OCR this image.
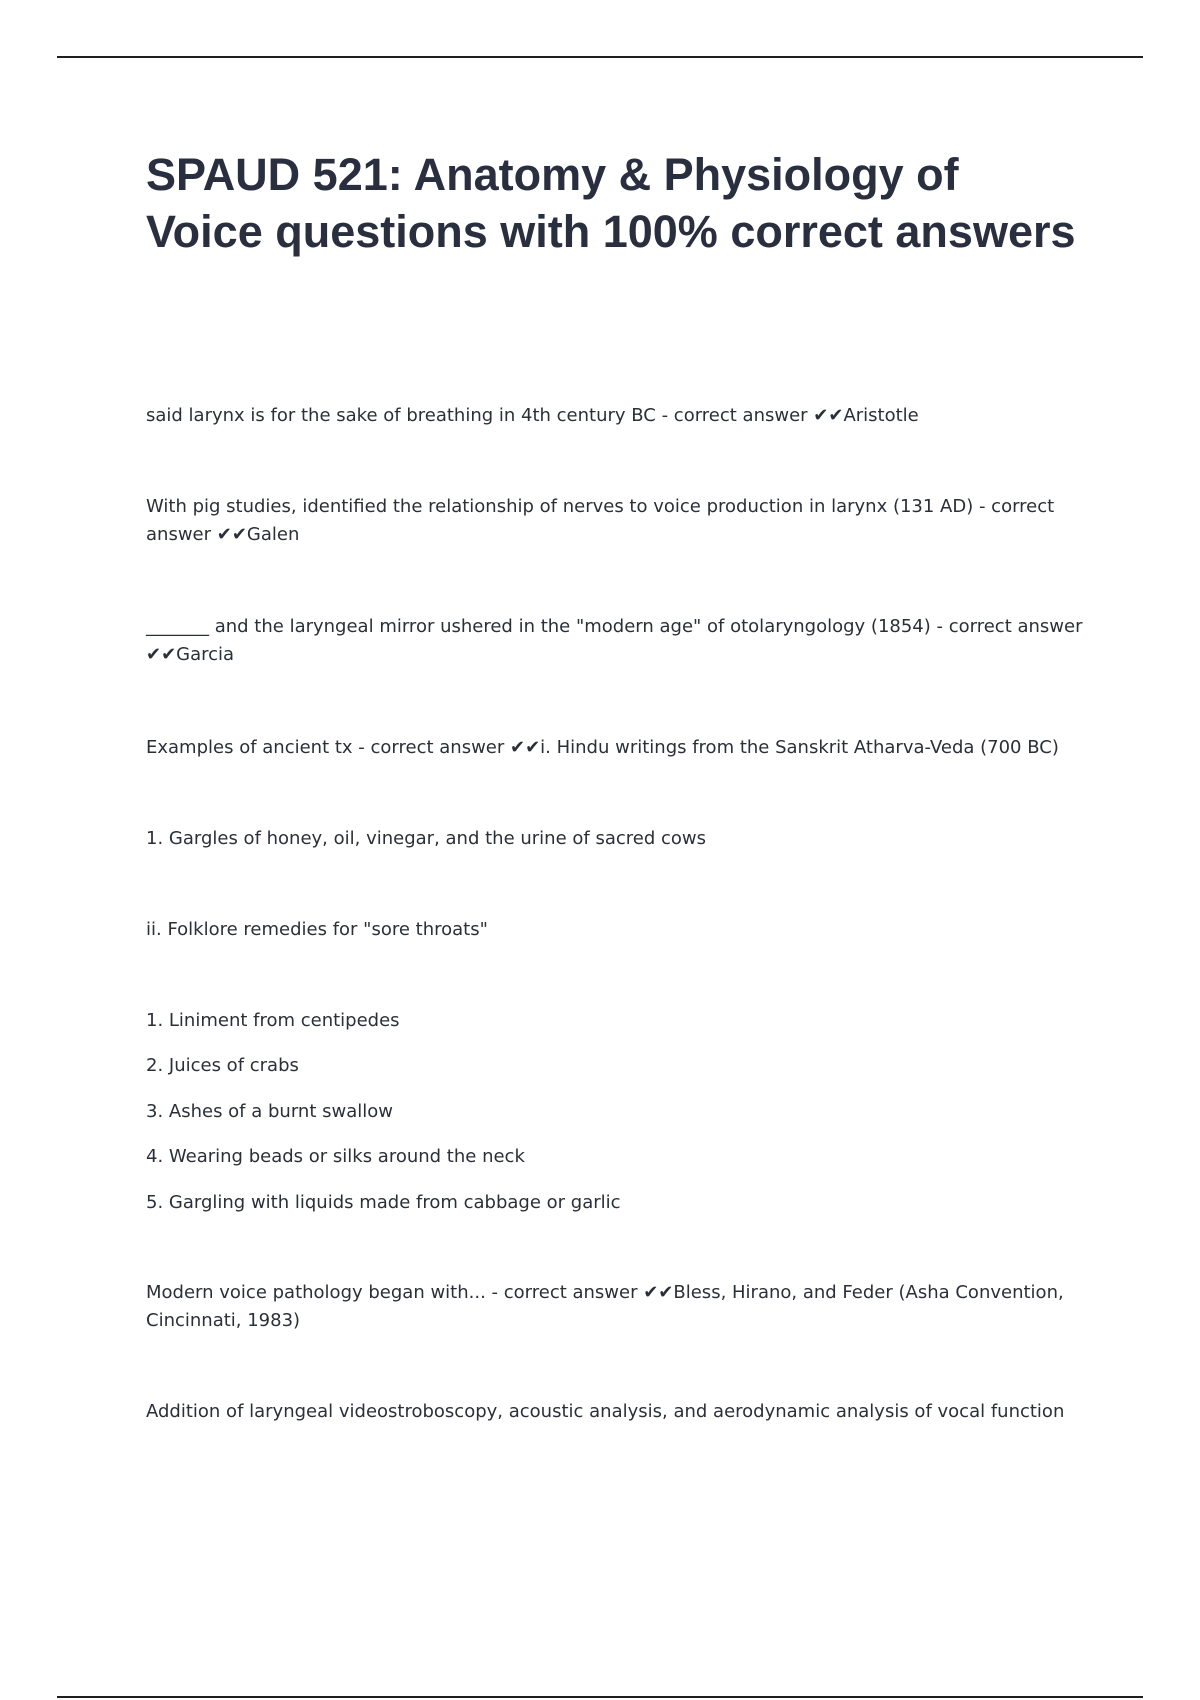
SPAUD 521: Anatomy & Physiology of Voice questions with 100% correct answers

said larynx is for the sake of breathing in 4th century BC - correct answer ✔✔Aristotle

With pig studies, identified the relationship of nerves to voice production in larynx (131 AD) - correct answer ✔✔Galen

_______ and the laryngeal mirror ushered in the "modern age" of otolaryngology (1854) - correct answer ✔✔Garcia

Examples of ancient tx - correct answer ✔✔i. Hindu writings from the Sanskrit Atharva-Veda (700 BC)

1. Gargles of honey, oil, vinegar, and the urine of sacred cows

ii. Folklore remedies for "sore throats"

1. Liniment from centipedes

2. Juices of crabs

3. Ashes of a burnt swallow

4. Wearing beads or silks around the neck

5. Gargling with liquids made from cabbage or garlic

Modern voice pathology began with... - correct answer ✔✔Bless, Hirano, and Feder (Asha Convention, Cincinnati, 1983)

Addition of laryngeal videostroboscopy, acoustic analysis, and aerodynamic analysis of vocal function
